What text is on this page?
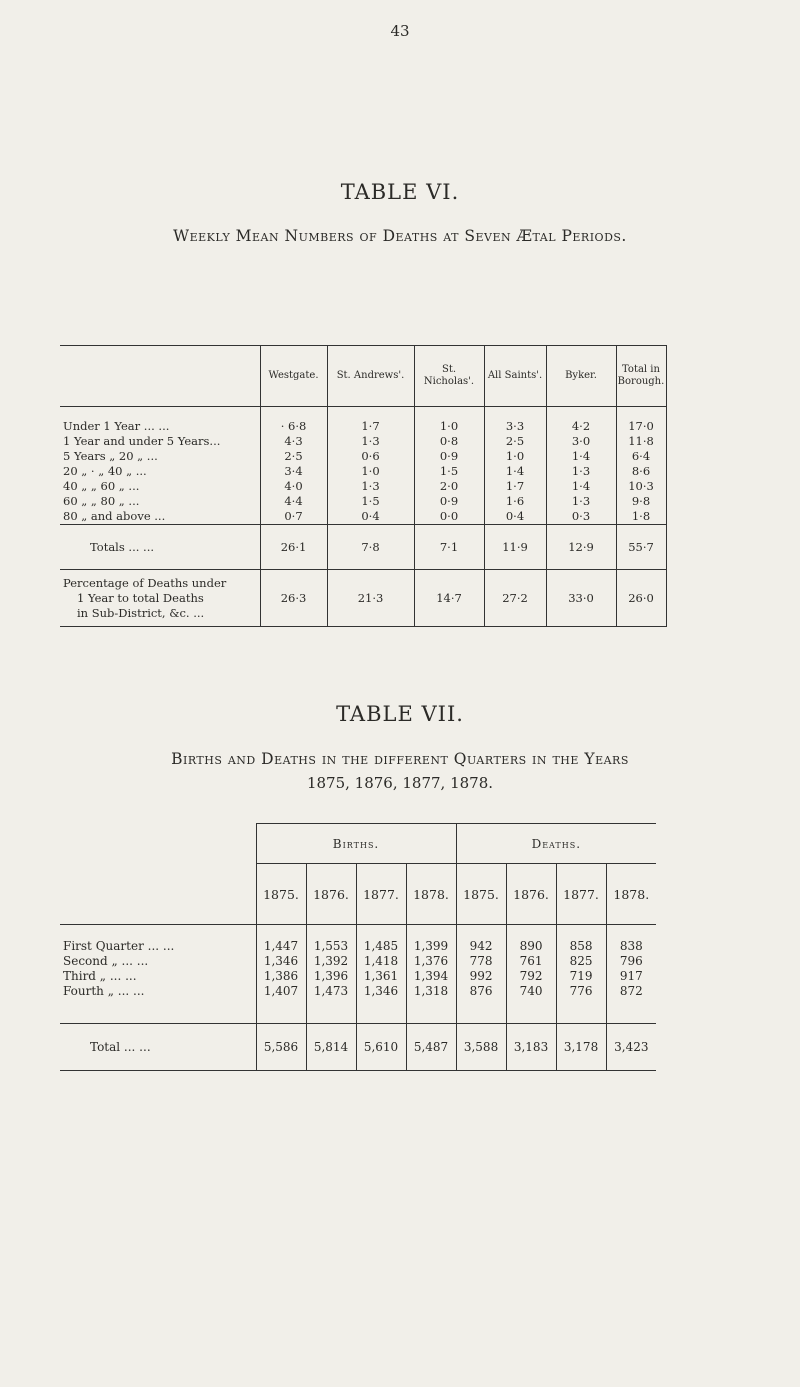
43
TABLE VI.
Weekly Mean Numbers of Deaths at Seven Ætal Periods.
	Westgate.	St. Andrews'.	St. Nicholas'.	All Saints'.	Byker.	Total in Borough.
Under 1 Year ... ...	· 6·8	1·7	1·0	3·3	4·2	17·0
1 Year and under 5 Years...	4·3	1·3	0·8	2·5	3·0	11·8
5 Years „ 20 „ ...	2·5	0·6	0·9	1·0	1·4	6·4
20 „ · „ 40 „ ...	3·4	1·0	1·5	1·4	1·3	8·6
40 „ „ 60 „ ...	4·0	1·3	2·0	1·7	1·4	10·3
60 „ „ 80 „ ...	4·4	1·5	0·9	1·6	1·3	9·8
80 „ and above ...	0·7	0·4	0·0	0·4	0·3	1·8
Totals ... ...	26·1	7·8	7·1	11·9	12·9	55·7

Percentage of Deaths under
1 Year to total Deaths
in Sub-District, &c. ...	26·3	21·3	14·7	27·2	33·0	26·0
TABLE VII.
Births and Deaths in the different Quarters in the Years
1875, 1876, 1877, 1878.
	Births.				Deaths.			
	1875.	1876.	1877.	1878.	1875.	1876.	1877.	1878.
First Quarter ... ...	1,447	1,553	1,485	1,399	942	890	858	838
Second „ ... ...	1,346	1,392	1,418	1,376	778	761	825	796
Third „ ... ...	1,386	1,396	1,361	1,394	992	792	719	917
Fourth „ ... ...	1,407	1,473	1,346	1,318	876	740	776	872

Total ... ...	5,586	5,814	5,610	5,487	3,588	3,183	3,178	3,423
